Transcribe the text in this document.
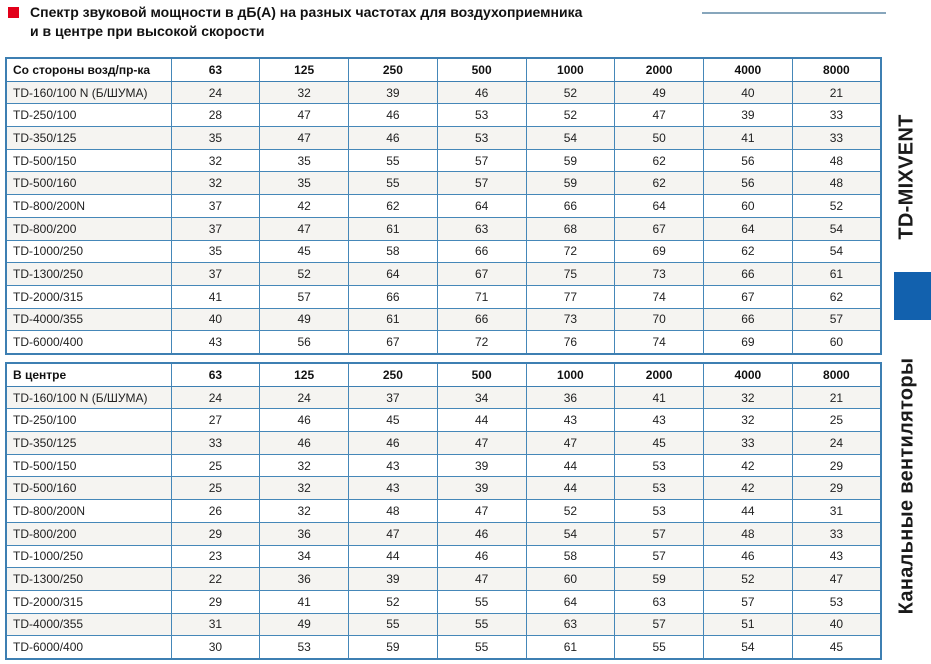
Спектр звуковой мощности в дБ(А) на разных частотах для воздухоприемника
и в центре при высокой скорости
Со стороны возд/пр-ка	63	125	250	500	1000	2000	4000	8000
TD-160/100 N (Б/ШУМА)	24	32	39	46	52	49	40	21
TD-250/100	28	47	46	53	52	47	39	33
TD-350/125	35	47	46	53	54	50	41	33
TD-500/150	32	35	55	57	59	62	56	48
TD-500/160	32	35	55	57	59	62	56	48
TD-800/200N	37	42	62	64	66	64	60	52
TD-800/200	37	47	61	63	68	67	64	54
TD-1000/250	35	45	58	66	72	69	62	54
TD-1300/250	37	52	64	67	75	73	66	61
TD-2000/315	41	57	66	71	77	74	67	62
TD-4000/355	40	49	61	66	73	70	66	57
TD-6000/400	43	56	67	72	76	74	69	60
В центре	63	125	250	500	1000	2000	4000	8000
TD-160/100 N (Б/ШУМА)	24	24	37	34	36	41	32	21
TD-250/100	27	46	45	44	43	43	32	25
TD-350/125	33	46	46	47	47	45	33	24
TD-500/150	25	32	43	39	44	53	42	29
TD-500/160	25	32	43	39	44	53	42	29
TD-800/200N	26	32	48	47	52	53	44	31
TD-800/200	29	36	47	46	54	57	48	33
TD-1000/250	23	34	44	46	58	57	46	43
TD-1300/250	22	36	39	47	60	59	52	47
TD-2000/315	29	41	52	55	64	63	57	53
TD-4000/355	31	49	55	55	63	57	51	40
TD-6000/400	30	53	59	55	61	55	54	45
TD-MIXVENT
Канальные вентиляторы
